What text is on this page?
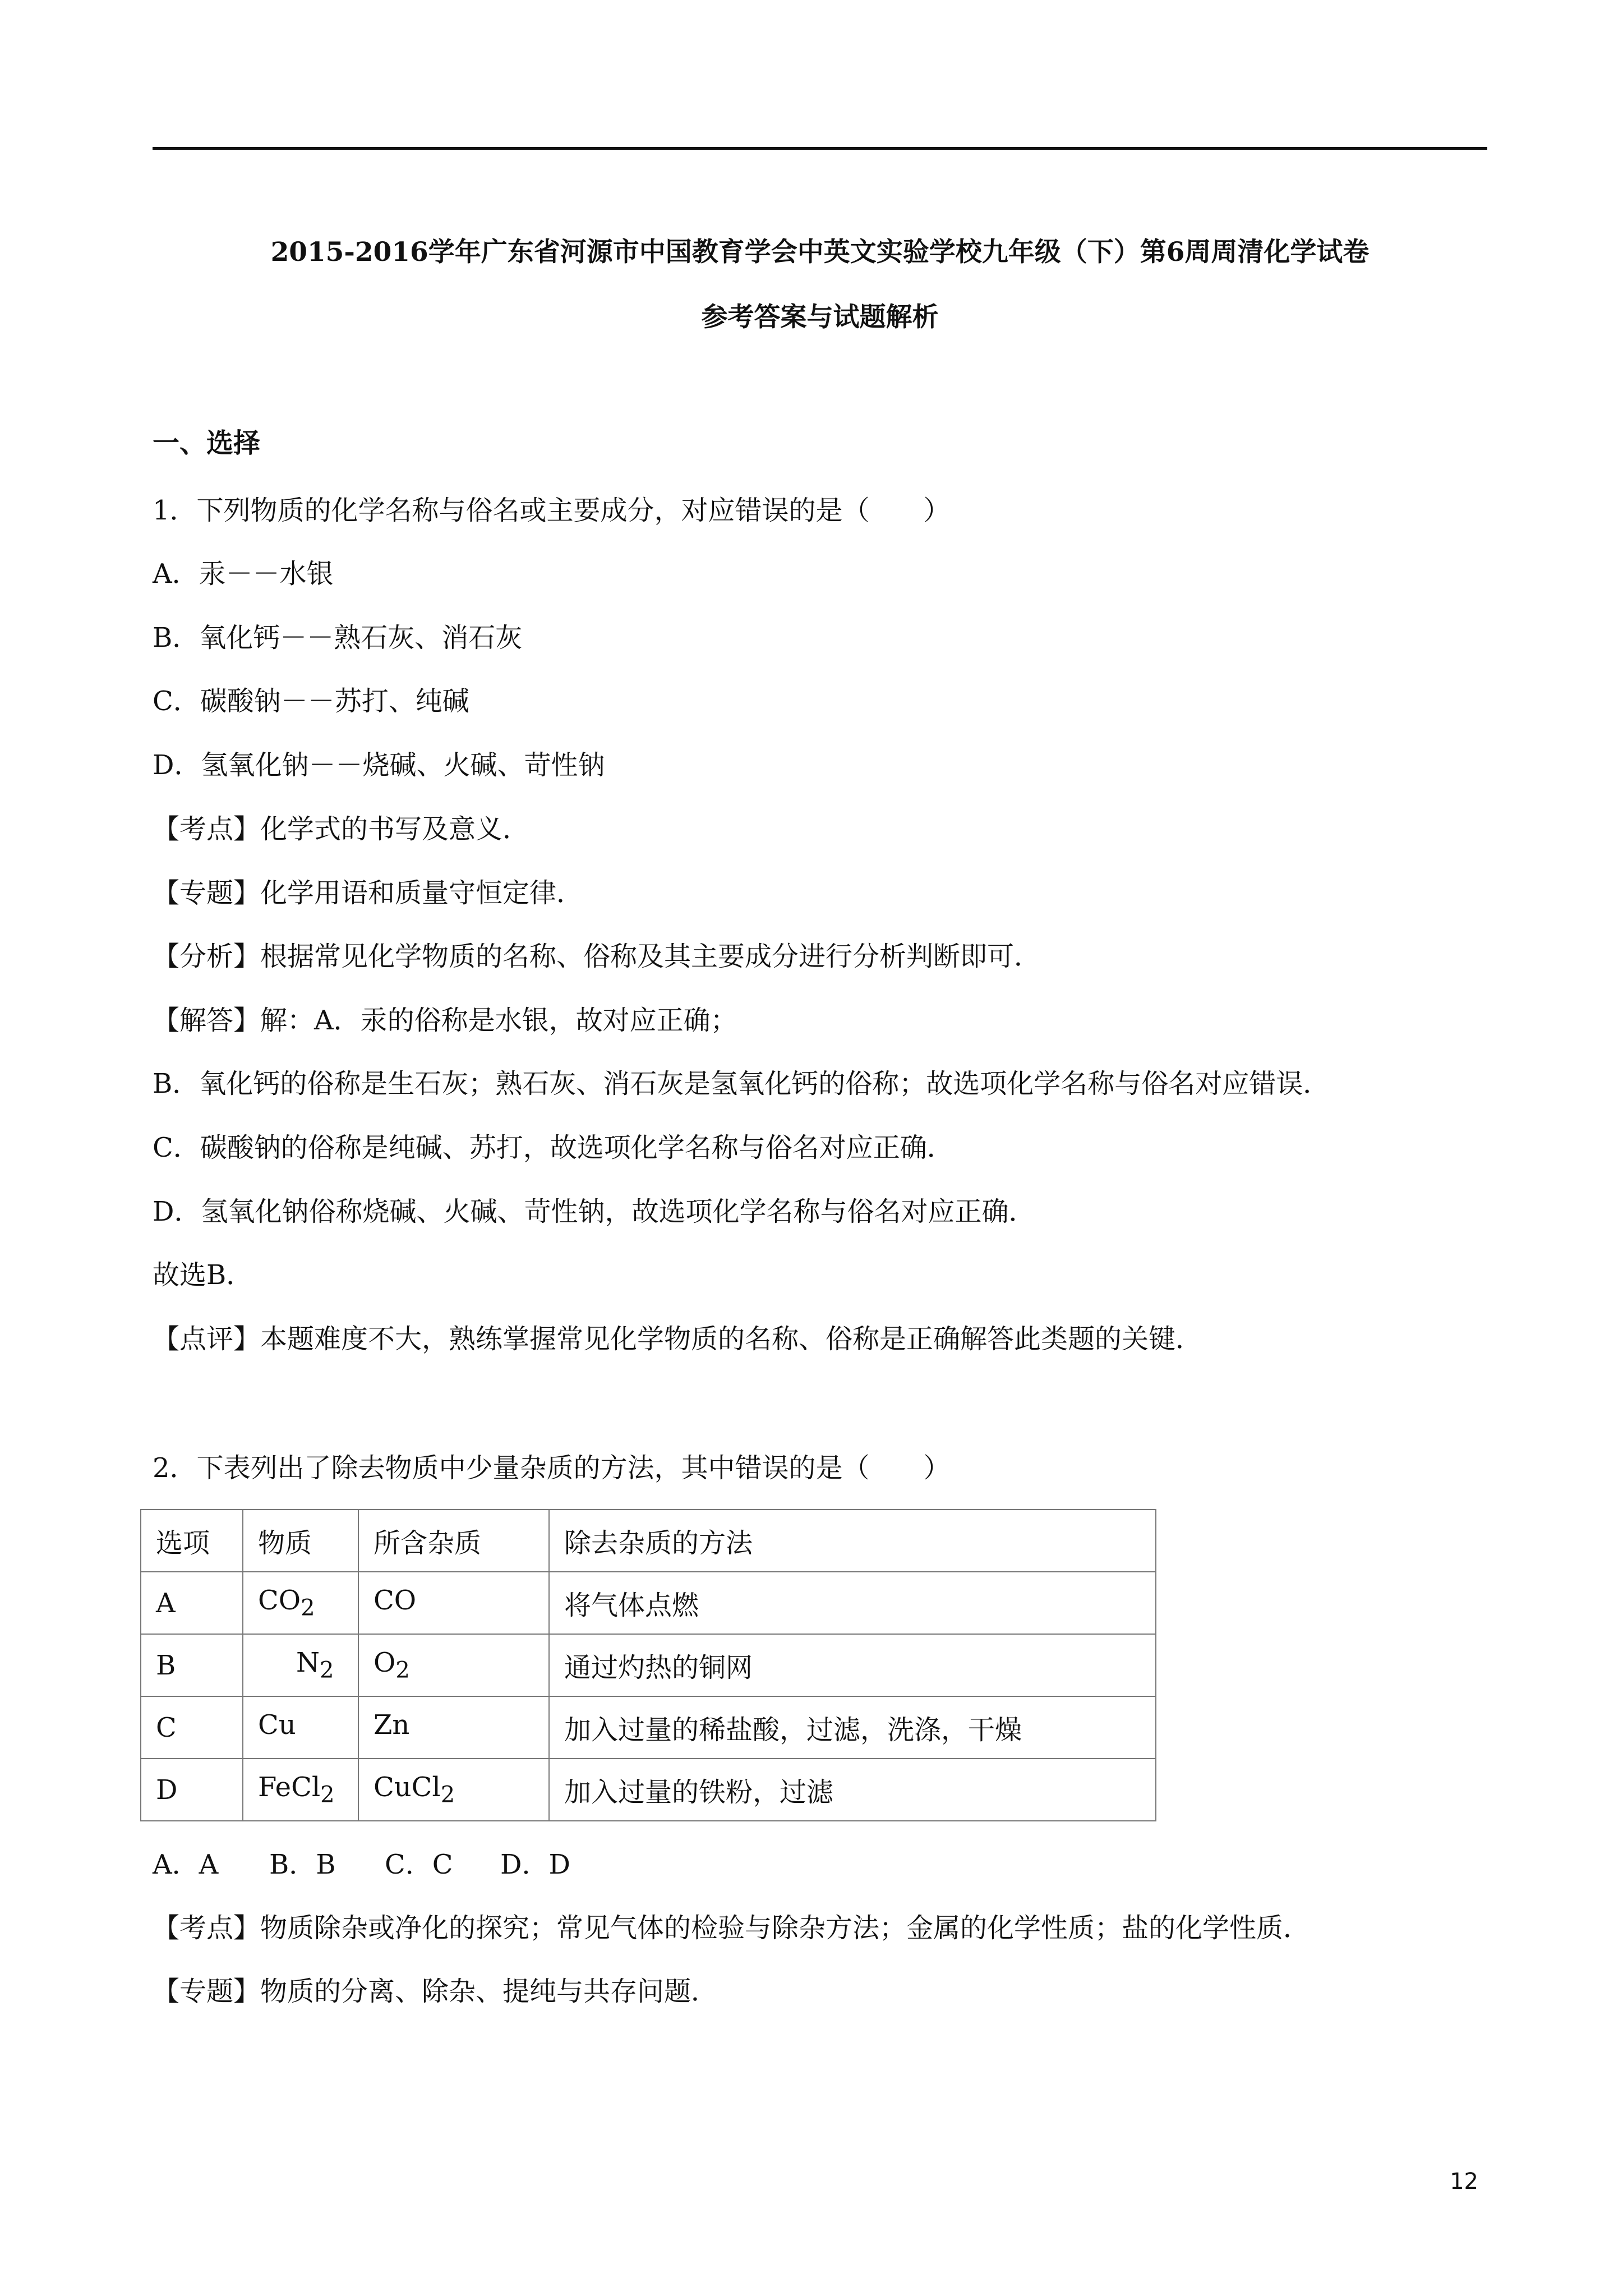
2015-2016学年广东省河源市中国教育学会中英文实验学校九年级（下）第6周周清化学试卷
参考答案与试题解析
一、选择
1．下列物质的化学名称与俗名或主要成分，对应错误的是（　　）
A．汞－－水银
B．氧化钙－－熟石灰、消石灰
C．碳酸钠－－苏打、纯碱
D．氢氧化钠－－烧碱、火碱、苛性钠
【考点】化学式的书写及意义．
【专题】化学用语和质量守恒定律．
【分析】根据常见化学物质的名称、俗称及其主要成分进行分析判断即可．
【解答】解：A．汞的俗称是水银，故对应正确；
B．氧化钙的俗称是生石灰；熟石灰、消石灰是氢氧化钙的俗称；故选项化学名称与俗名对应错误．
C．碳酸钠的俗称是纯碱、苏打，故选项化学名称与俗名对应正确．
D．氢氧化钠俗称烧碱、火碱、苛性钠，故选项化学名称与俗名对应正确．
故选B．
【点评】本题难度不大，熟练掌握常见化学物质的名称、俗称是正确解答此类题的关键．
2．下表列出了除去物质中少量杂质的方法，其中错误的是（　　）
选项	物质	所含杂质	除去杂质的方法
A	$CO_2$	CO	将气体点燃
B	$N_2$	$O_2$	通过灼热的铜网
C	Cu	Zn	加入过量的稀盐酸，过滤，洗涤，干燥
D	FeCl$_2$	CuCl$_2$	加入过量的铁粉，过滤
A．A B．B C．C D．D
【考点】物质除杂或净化的探究；常见气体的检验与除杂方法；金属的化学性质；盐的化学性质．
【专题】物质的分离、除杂、提纯与共存问题．
12
